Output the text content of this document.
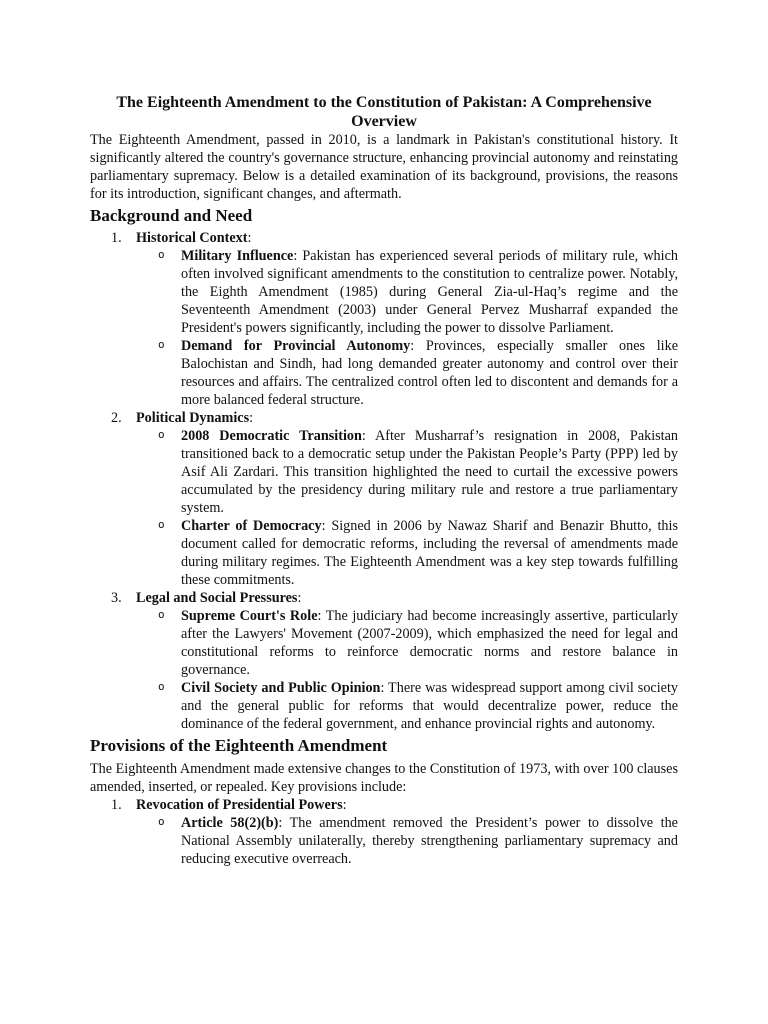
The Eighteenth Amendment to the Constitution of Pakistan: A Comprehensive Overview

The Eighteenth Amendment, passed in 2010, is a landmark in Pakistan's constitutional history. It significantly altered the country's governance structure, enhancing provincial autonomy and reinstating parliamentary supremacy. Below is a detailed examination of its background, provisions, the reasons for its introduction, significant changes, and aftermath.

Background and Need
1. Historical Context:
o Military Influence: Pakistan has experienced several periods of military rule, which often involved significant amendments to the constitution to centralize power. Notably, the Eighth Amendment (1985) during General Zia-ul-Haq’s regime and the Seventeenth Amendment (2003) under General Pervez Musharraf expanded the President's powers significantly, including the power to dissolve Parliament.
o Demand for Provincial Autonomy: Provinces, especially smaller ones like Balochistan and Sindh, had long demanded greater autonomy and control over their resources and affairs. The centralized control often led to discontent and demands for a more balanced federal structure.
2. Political Dynamics:
o 2008 Democratic Transition: After Musharraf’s resignation in 2008, Pakistan transitioned back to a democratic setup under the Pakistan People’s Party (PPP) led by Asif Ali Zardari. This transition highlighted the need to curtail the excessive powers accumulated by the presidency during military rule and restore a true parliamentary system.
o Charter of Democracy: Signed in 2006 by Nawaz Sharif and Benazir Bhutto, this document called for democratic reforms, including the reversal of amendments made during military regimes. The Eighteenth Amendment was a key step towards fulfilling these commitments.
3. Legal and Social Pressures:
o Supreme Court's Role: The judiciary had become increasingly assertive, particularly after the Lawyers' Movement (2007-2009), which emphasized the need for legal and constitutional reforms to reinforce democratic norms and restore balance in governance.
o Civil Society and Public Opinion: There was widespread support among civil society and the general public for reforms that would decentralize power, reduce the dominance of the federal government, and enhance provincial rights and autonomy.
Provisions of the Eighteenth Amendment

The Eighteenth Amendment made extensive changes to the Constitution of 1973, with over 100 clauses amended, inserted, or repealed. Key provisions include:

1. Revocation of Presidential Powers:
o Article 58(2)(b): The amendment removed the President’s power to dissolve the National Assembly unilaterally, thereby strengthening parliamentary supremacy and reducing executive overreach.
